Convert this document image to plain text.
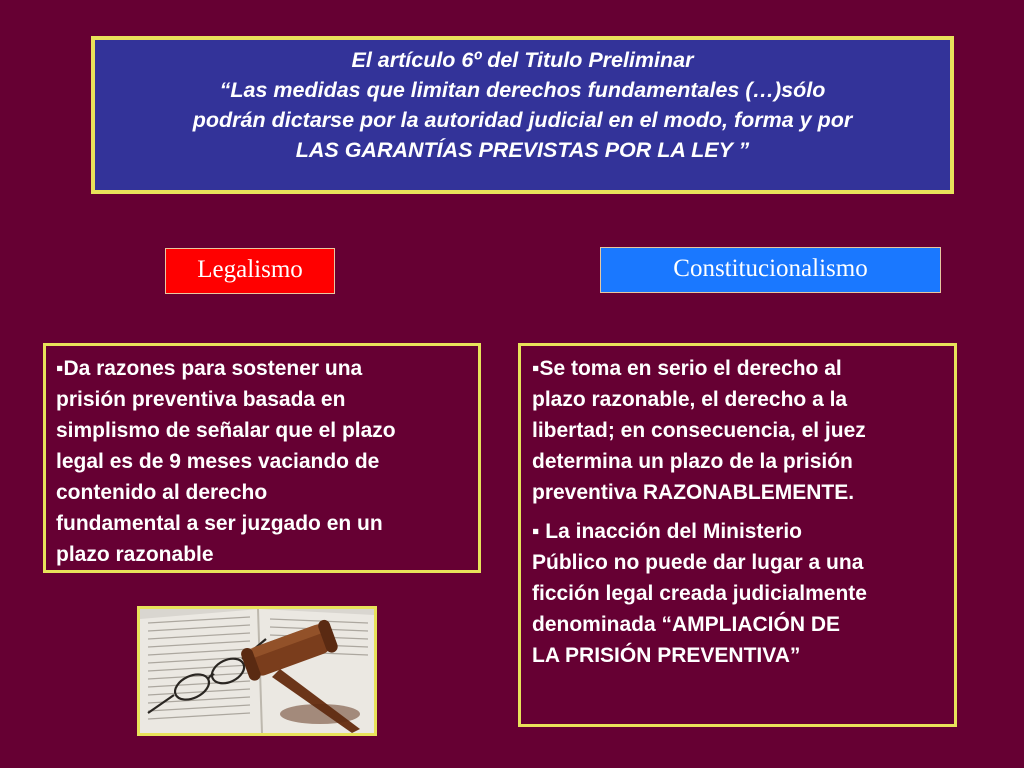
El artículo 6º del Titulo Preliminar
“Las medidas que limitan derechos fundamentales (…)sólo
podrán dictarse por la autoridad judicial en el modo, forma y por
LAS GARANTÍAS PREVISTAS POR LA LEY ”
Legalismo	Constitucionalismo
▪Da razones para sostener una
prisión preventiva basada en
simplismo de señalar que el plazo
legal es de 9 meses vaciando de
contenido al derecho
fundamental a ser juzgado en un
plazo razonable
▪Se toma en serio el derecho al
plazo razonable, el derecho a la
libertad; en consecuencia, el juez
determina un plazo de la prisión
preventiva RAZONABLEMENTE.
▪ La inacción del Ministerio
Público no puede dar lugar a una
ficción legal creada judicialmente
denominada “AMPLIACIÓN DE
LA PRISIÓN PREVENTIVA”
